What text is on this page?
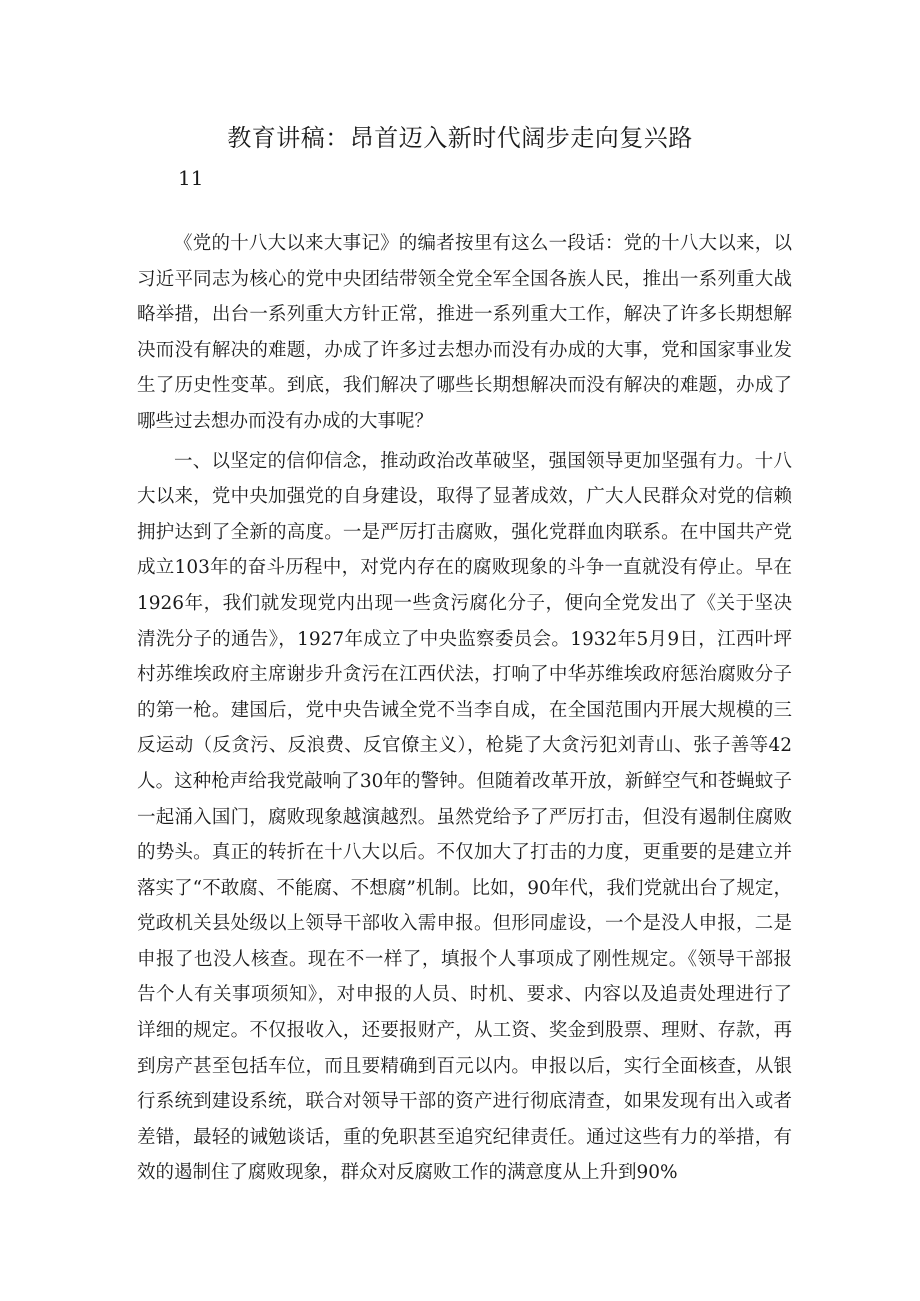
教育讲稿：昂首迈入新时代阔步走向复兴路
11

《党的十八大以来大事记》的编者按里有这么一段话：党的十八大以来，以习近平同志为核心的党中央团结带领全党全军全国各族人民，推出一系列重大战略举措，出台一系列重大方针正常，推进一系列重大工作，解决了许多长期想解决而没有解决的难题，办成了许多过去想办而没有办成的大事，党和国家事业发生了历史性变革。到底，我们解决了哪些长期想解决而没有解决的难题，办成了哪些过去想办而没有办成的大事呢？

一、以坚定的信仰信念，推动政治改革破坚，强国领导更加坚强有力。十八大以来，党中央加强党的自身建设，取得了显著成效，广大人民群众对党的信赖拥护达到了全新的高度。一是严厉打击腐败，强化党群血肉联系。在中国共产党成立103年的奋斗历程中，对党内存在的腐败现象的斗争一直就没有停止。早在1926年，我们就发现党内出现一些贪污腐化分子，便向全党发出了《关于坚决清洗分子的通告》，1927年成立了中央监察委员会。1932年5月9日，江西叶坪村苏维埃政府主席谢步升贪污在江西伏法，打响了中华苏维埃政府惩治腐败分子的第一枪。建国后，党中央告诫全党不当李自成，在全国范围内开展大规模的三反运动（反贪污、反浪费、反官僚主义），枪毙了大贪污犯刘青山、张子善等42人。这种枪声给我党敲响了30年的警钟。但随着改革开放，新鲜空气和苍蝇蚊子一起涌入国门，腐败现象越演越烈。虽然党给予了严厉打击，但没有遏制住腐败的势头。真正的转折在十八大以后。不仅加大了打击的力度，更重要的是建立并落实了“不敢腐、不能腐、不想腐”机制。比如，90年代，我们党就出台了规定，党政机关县处级以上领导干部收入需申报。但形同虚设，一个是没人申报，二是申报了也没人核查。现在不一样了，填报个人事项成了刚性规定。《领导干部报告个人有关事项须知》，对申报的人员、时机、要求、内容以及追责处理进行了详细的规定。不仅报收入，还要报财产，从工资、奖金到股票、理财、存款，再到房产甚至包括车位，而且要精确到百元以内。申报以后，实行全面核查，从银行系统到建设系统，联合对领导干部的资产进行彻底清查，如果发现有出入或者差错，最轻的诫勉谈话，重的免职甚至追究纪律责任。通过这些有力的举措，有效的遏制住了腐败现象，群众对反腐败工作的满意度从上升到90%
